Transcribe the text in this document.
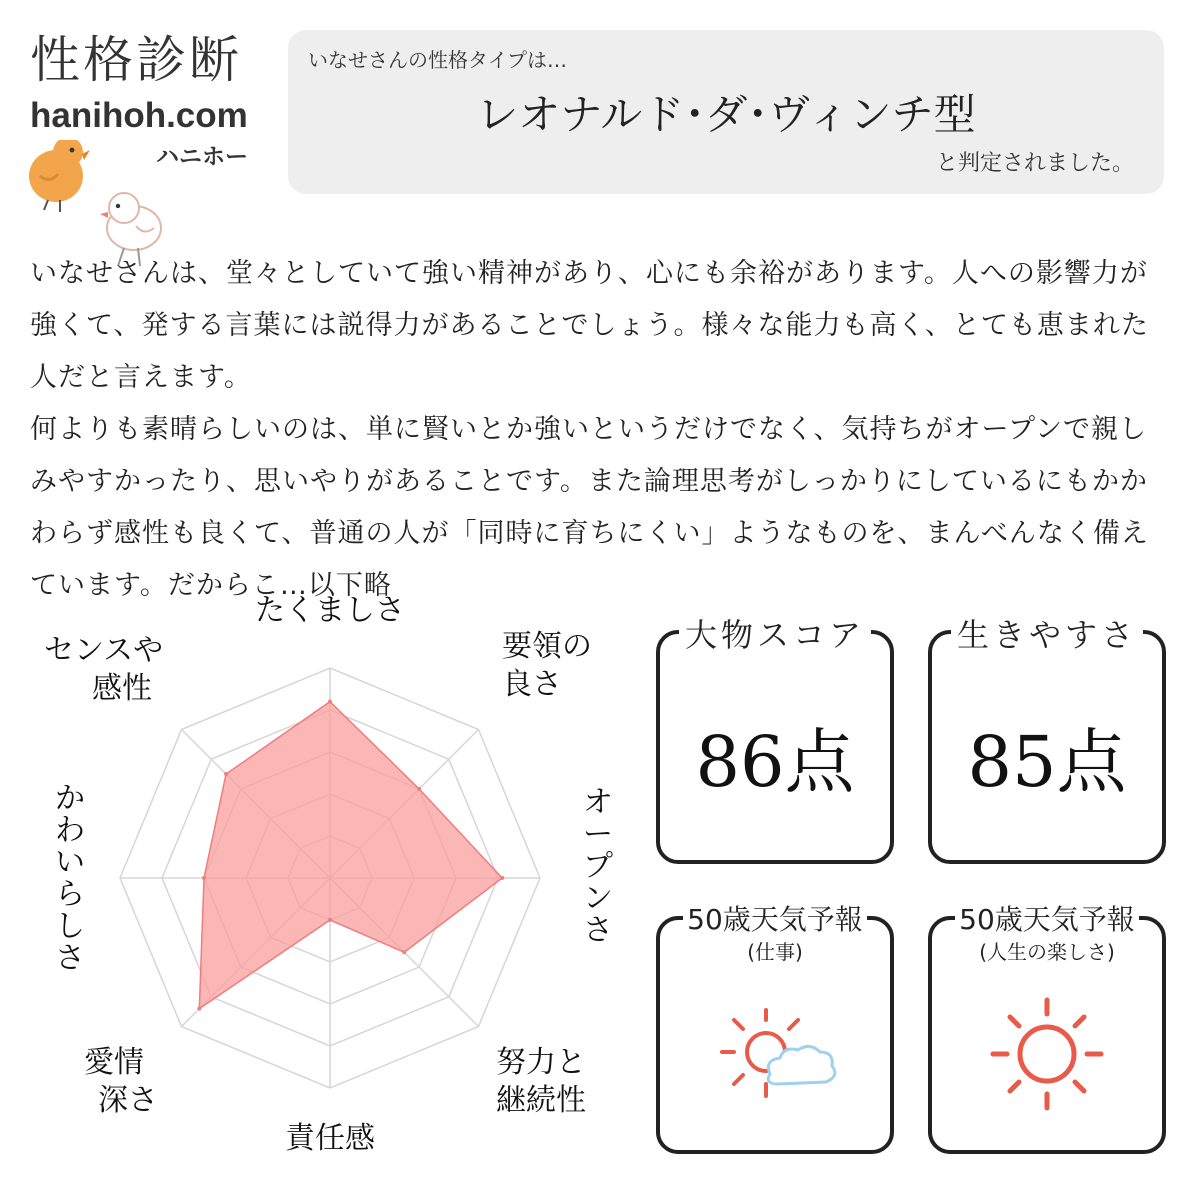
性格診断
hanihoh.com
ハニホー
いなせさんの性格タイプは…
レオナルド･ダ･ヴィンチ型
と判定されました。

いなせさんは、堂々としていて強い精神があり、心にも余裕があります。人への影響力が強くて、発する言葉には説得力があることでしょう。様々な能力も高く、とても恵まれた人だと言えます。

何よりも素晴らしいのは、単に賢いとか強いというだけでなく、気持ちがオープンで親しみやすかったり、思いやりがあることです。また論理思考がしっかりにしているにもかかわらず感性も良くて、普通の人が「同時に育ちにくい」ようなものを、まんべんなく備えています。だからこ…以下略

たくましさ
要領の
良さ
オ
ー
プ
ン
さ
努力と
継続性
責任感
愛情
深さ
か
わ
い
ら
し
さ
センスや
感性
大物スコア
86点
生きやすさ
85点
50歳天気予報
(仕事)
50歳天気予報
(人生の楽しさ)
